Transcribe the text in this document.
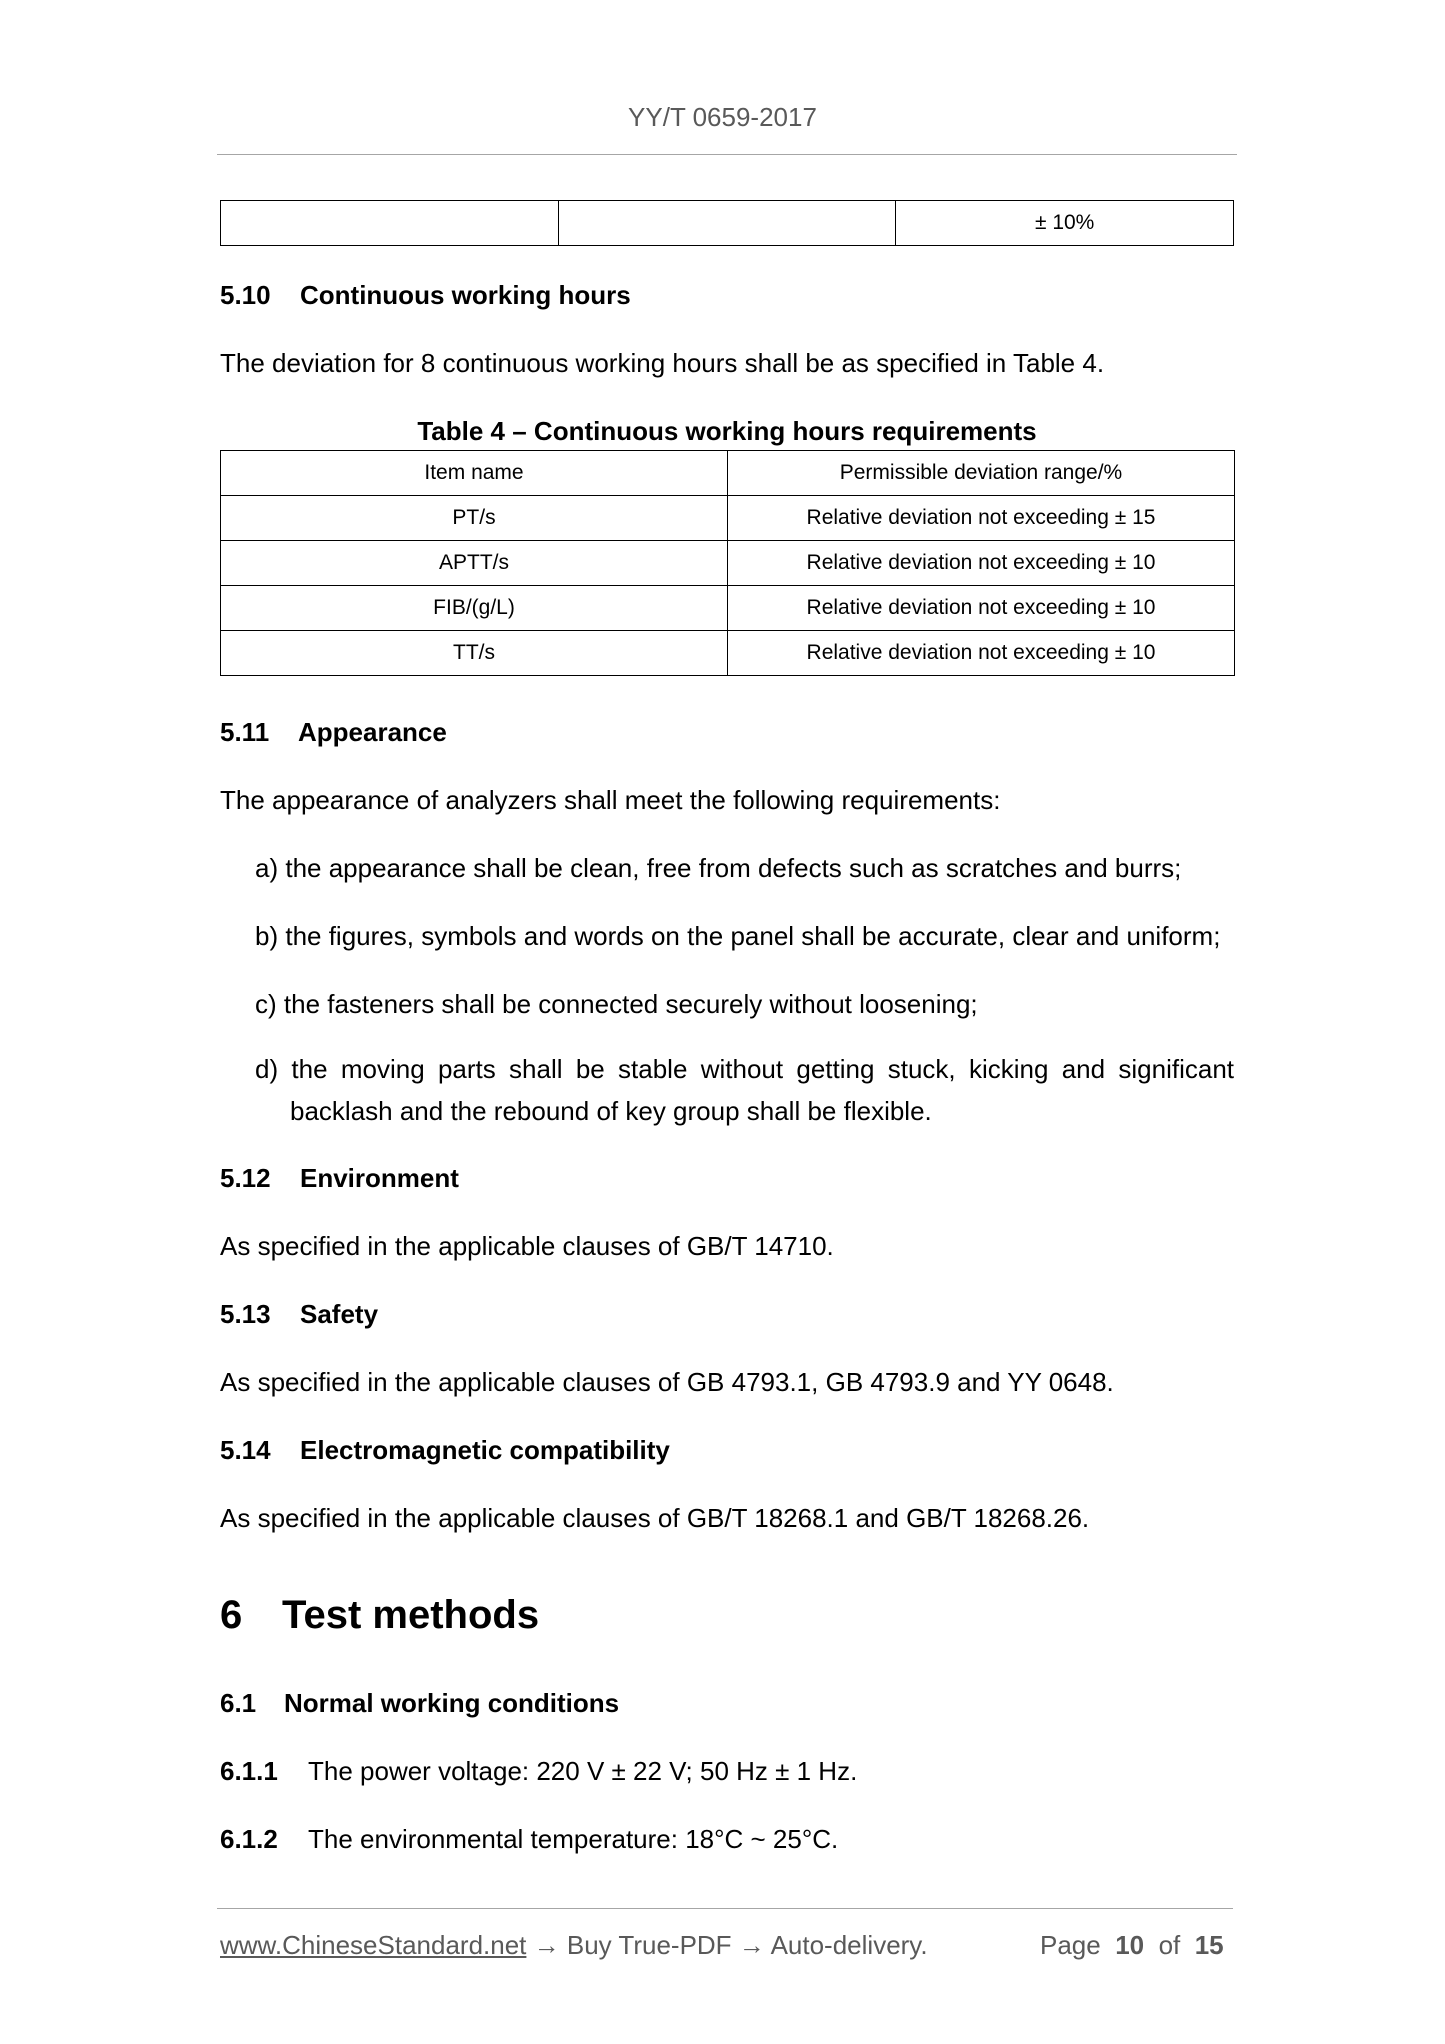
YY/T 0659-2017
		± 10%
5.10 Continuous working hours
The deviation for 8 continuous working hours shall be as specified in Table 4.
Table 4 – Continuous working hours requirements
Item name	Permissible deviation range/%
PT/s	Relative deviation not exceeding ± 15
APTT/s	Relative deviation not exceeding ± 10
FIB/(g/L)	Relative deviation not exceeding ± 10
TT/s	Relative deviation not exceeding ± 10
5.11 Appearance
The appearance of analyzers shall meet the following requirements:
a) the appearance shall be clean, free from defects such as scratches and burrs;
b) the figures, symbols and words on the panel shall be accurate, clear and uniform;
c) the fasteners shall be connected securely without loosening;
d) the moving parts shall be stable without getting stuck, kicking and significant
backlash and the rebound of key group shall be flexible.
5.12 Environment
As specified in the applicable clauses of GB/T 14710.
5.13 Safety
As specified in the applicable clauses of GB 4793.1, GB 4793.9 and YY 0648.
5.14 Electromagnetic compatibility
As specified in the applicable clauses of GB/T 18268.1 and GB/T 18268.26.
6 Test methods
6.1 Normal working conditions
6.1.1 The power voltage: 220 V ± 22 V; 50 Hz ± 1 Hz.
6.1.2 The environmental temperature: 18°C ~ 25°C.
www.ChineseStandard.net → Buy True-PDF → Auto-delivery.	Page 10 of 15
